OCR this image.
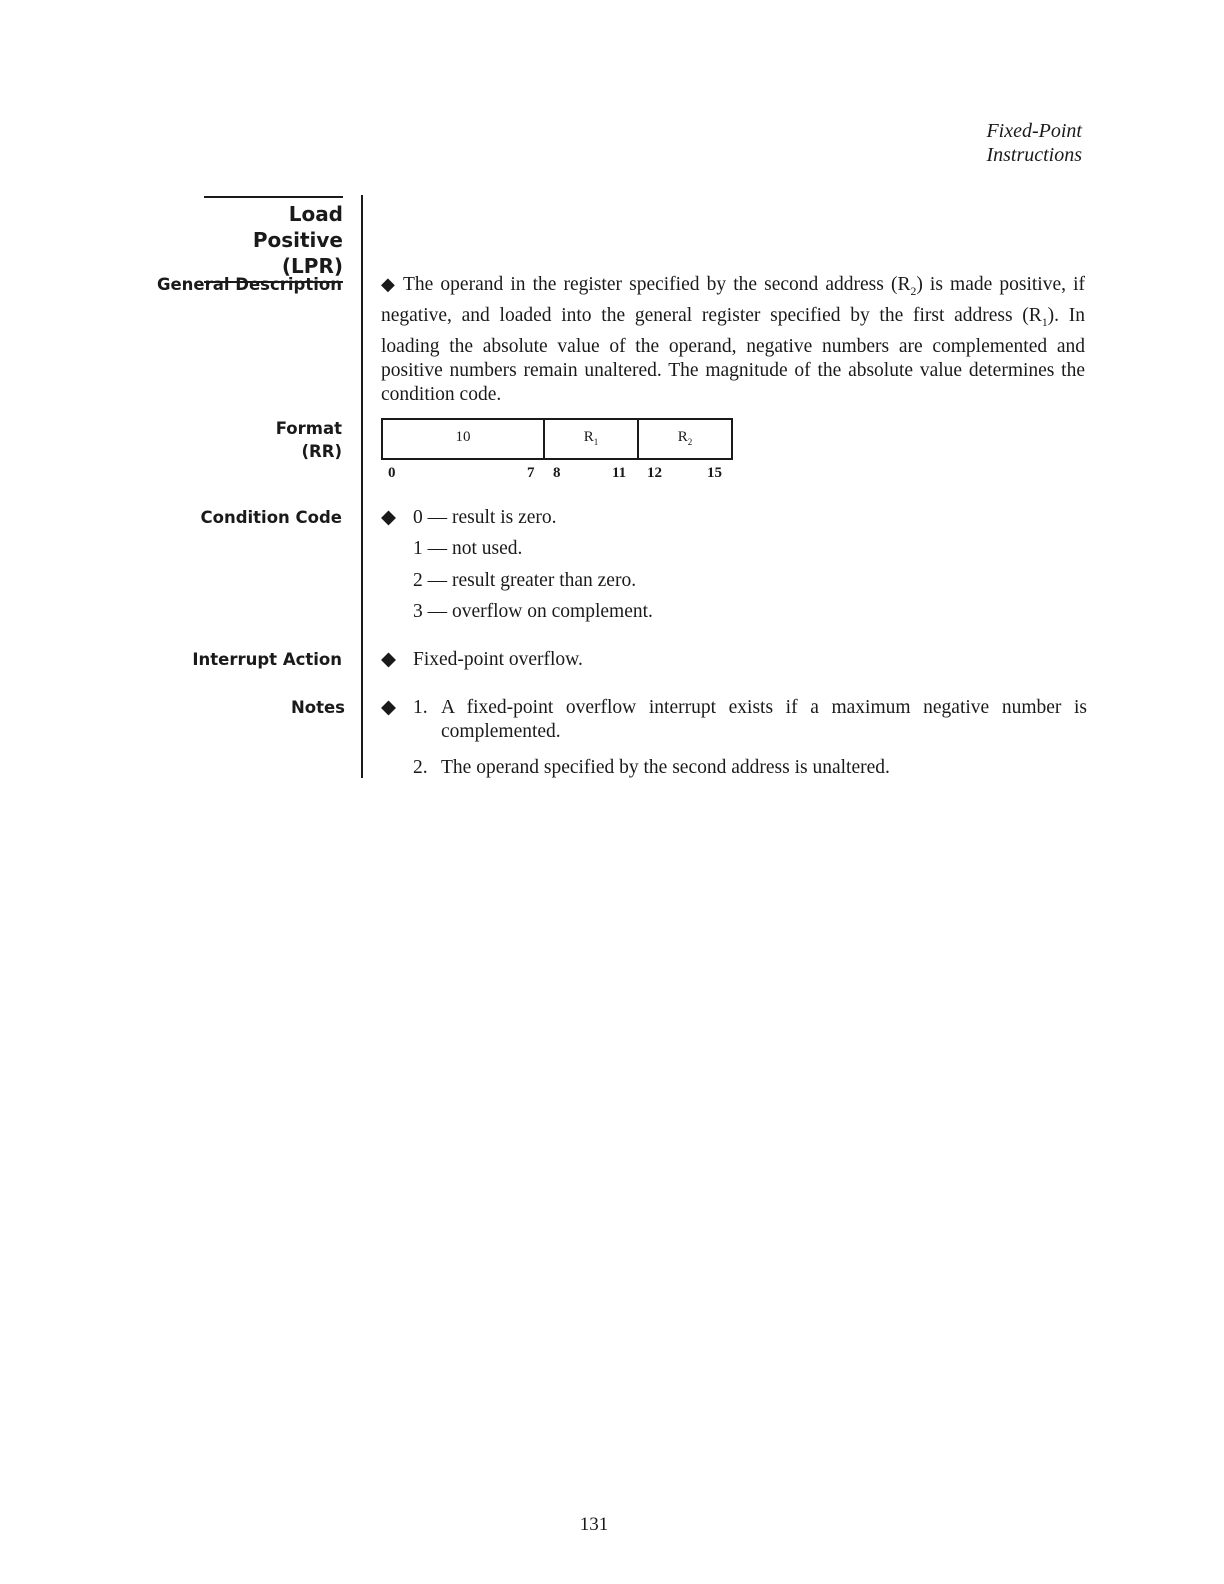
Fixed-Point
Instructions
Load Positive
(LPR)
General Description
Format
(RR)
Condition Code
Interrupt Action
Notes
◆ The operand in the register specified by the second address $(R_2)$ is made positive, if negative, and loaded into the general register specified by the first address $(R_1)$. In loading the absolute value of the operand, negative numbers are complemented and positive numbers remain unaltered. The magnitude of the absolute value determines the condition code.
10	$R_1$	$R_2$
0	7 8	11 12	15
◆ 0 — result is zero.
1 — not used.
2 –– result greater than zero.
3 — overflow on complement.
◆ Fixed-point overflow.
◆ 1. A fixed-point overflow interrupt exists if a maximum negative number is complemented.
2. The operand specified by the second address is unaltered.
131
